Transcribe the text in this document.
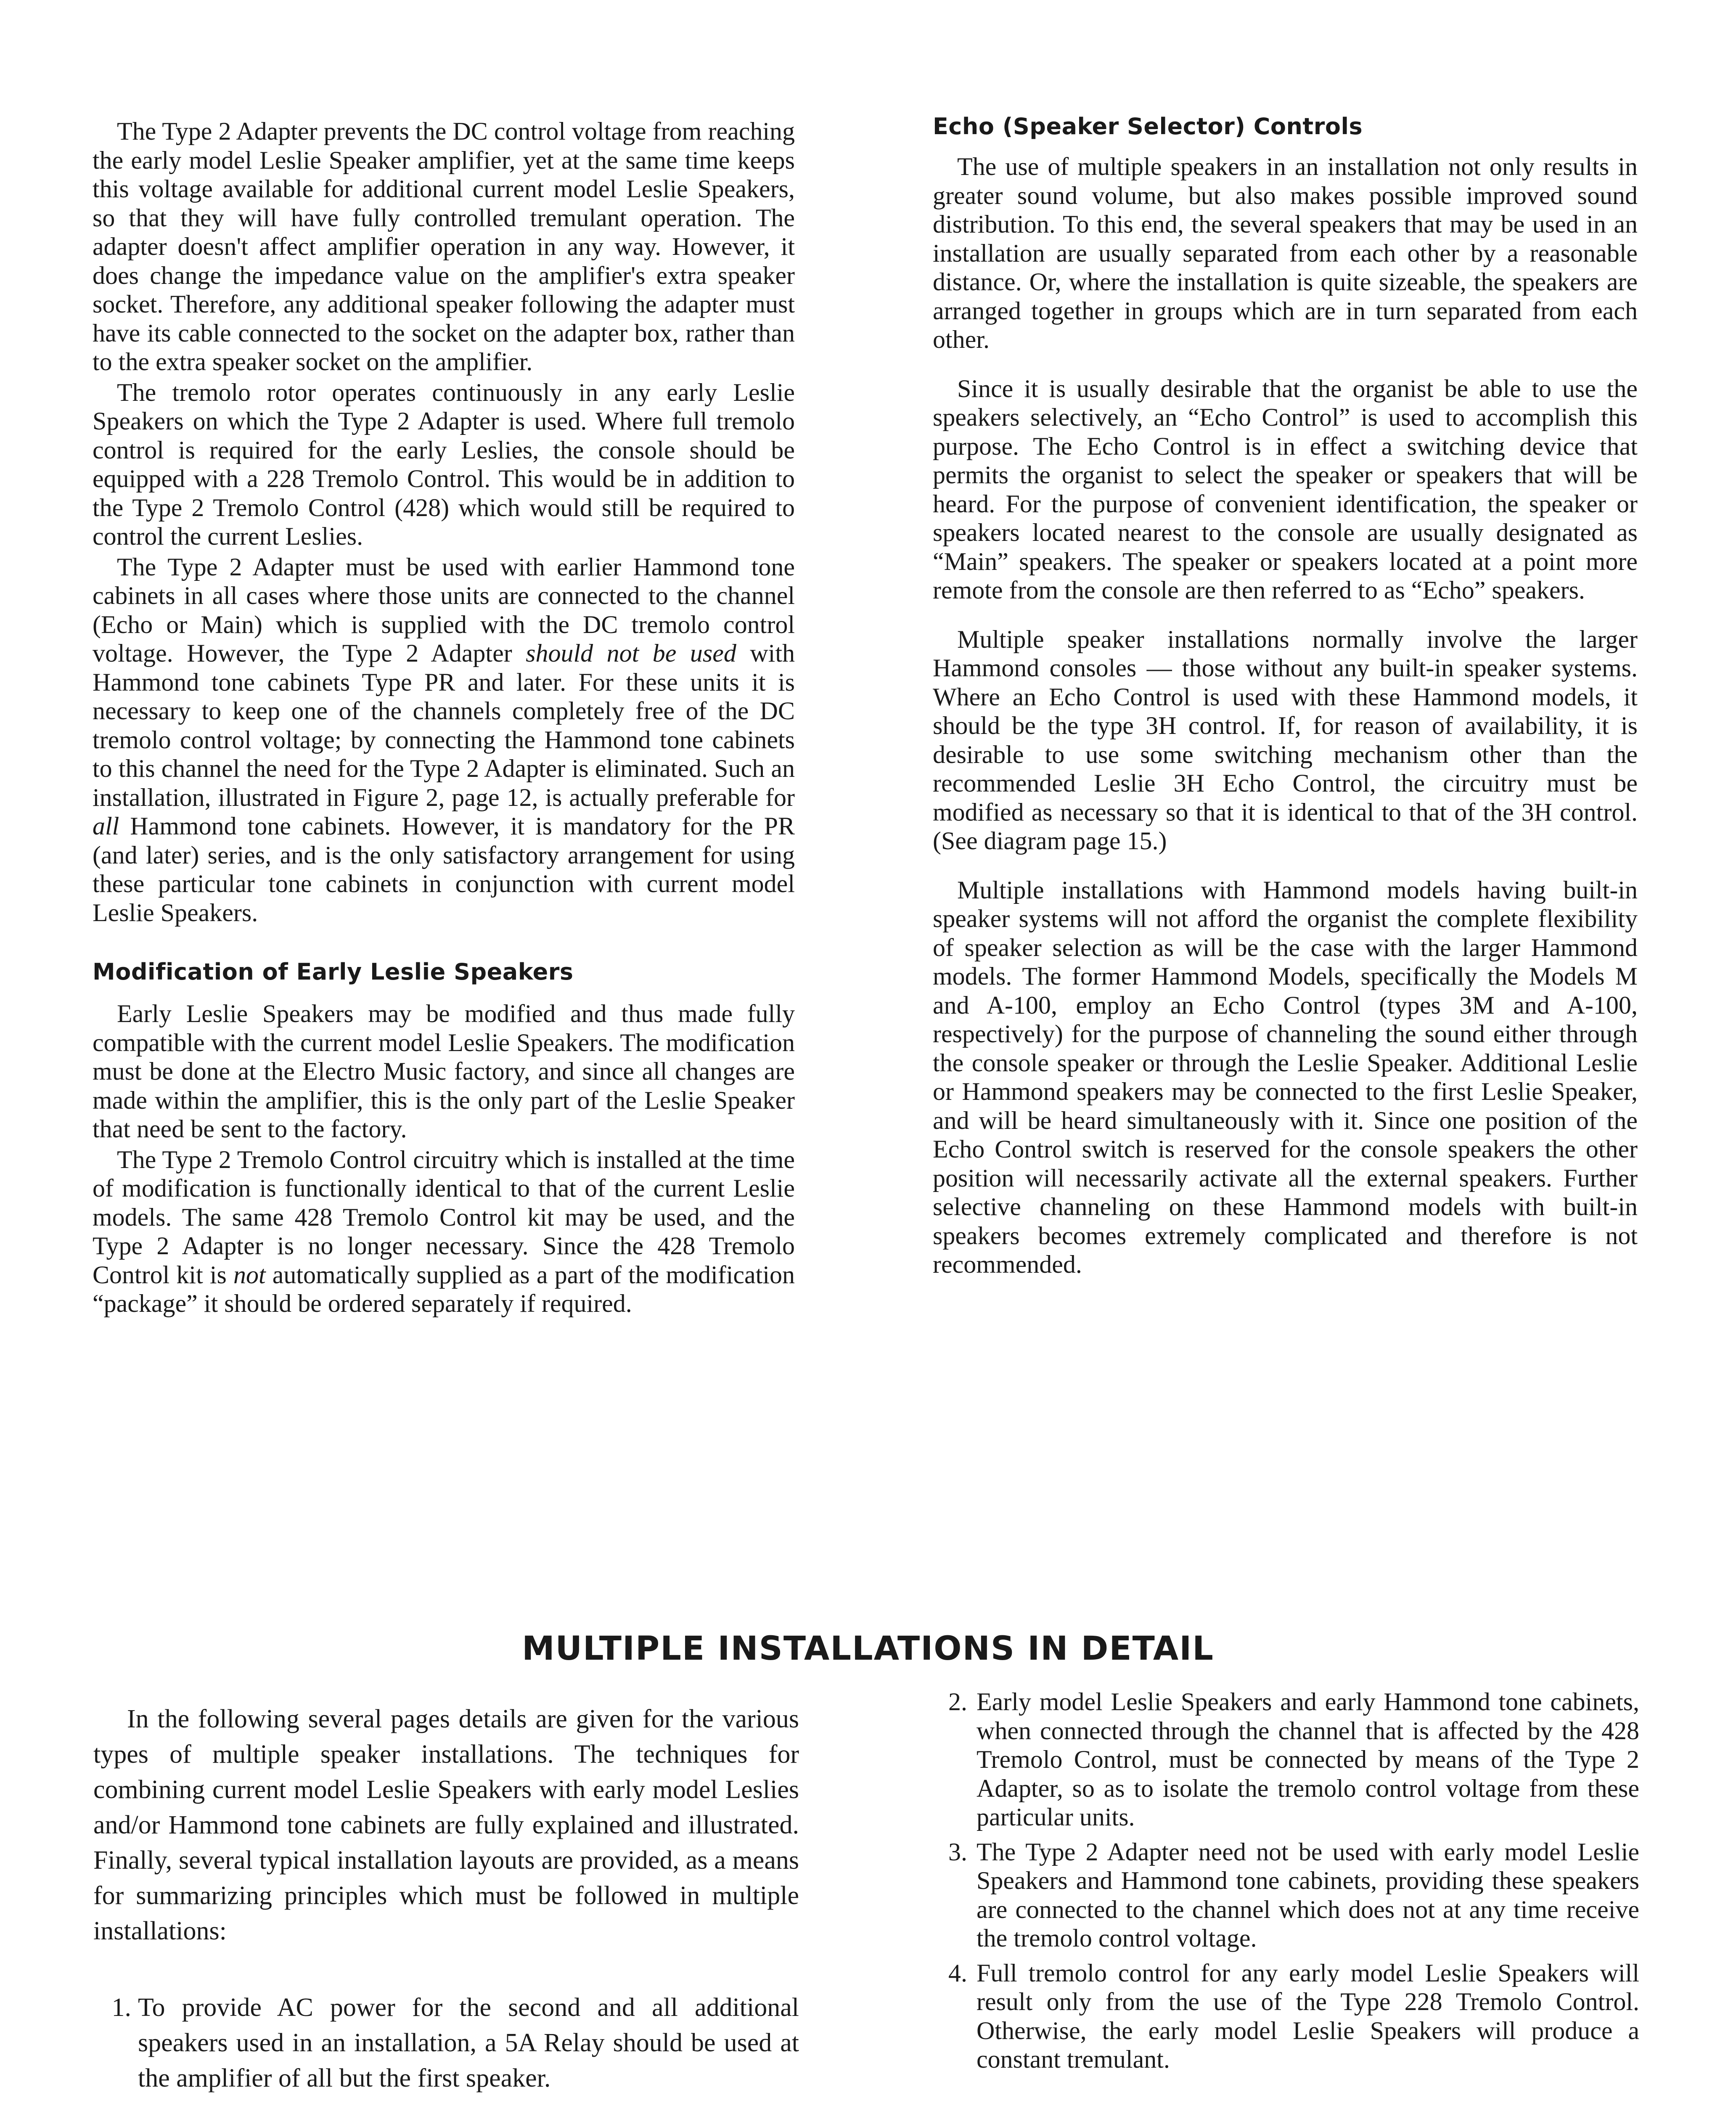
The Type 2 Adapter prevents the DC control voltage from reaching the early model Leslie Speaker amplifier, yet at the same time keeps this voltage available for additional current model Leslie Speakers, so that they will have fully controlled tremulant operation. The adapter doesn't affect amplifier operation in any way. However, it does change the impedance value on the amplifier's extra speaker socket. Therefore, any additional speaker following the adapter must have its cable connected to the socket on the adapter box, rather than to the extra speaker socket on the amplifier.

The tremolo rotor operates continuously in any early Leslie Speakers on which the Type 2 Adapter is used. Where full tremolo control is required for the early Leslies, the console should be equipped with a 228 Tremolo Control. This would be in addition to the Type 2 Tremolo Control (428) which would still be required to control the current Leslies.

The Type 2 Adapter must be used with earlier Hammond tone cabinets in all cases where those units are connected to the channel (Echo or Main) which is supplied with the DC tremolo control voltage. However, the Type 2 Adapter should not be used with Hammond tone cabinets Type PR and later. For these units it is necessary to keep one of the channels completely free of the DC tremolo control voltage; by connecting the Hammond tone cabinets to this channel the need for the Type 2 Adapter is eliminated. Such an installation, illustrated in Figure 2, page 12, is actually preferable for all Hammond tone cabinets. However, it is mandatory for the PR (and later) series, and is the only satisfactory arrangement for using these particular tone cabinets in conjunction with current model Leslie Speakers.

Modification of Early Leslie Speakers

Early Leslie Speakers may be modified and thus made fully compatible with the current model Leslie Speakers. The modification must be done at the Electro Music factory, and since all changes are made within the amplifier, this is the only part of the Leslie Speaker that need be sent to the factory.

The Type 2 Tremolo Control circuitry which is installed at the time of modification is functionally identical to that of the current Leslie models. The same 428 Tremolo Control kit may be used, and the Type 2 Adapter is no longer necessary. Since the 428 Tremolo Control kit is not automatically supplied as a part of the modification “package” it should be ordered separately if required.

Echo (Speaker Selector) Controls

The use of multiple speakers in an installation not only results in greater sound volume, but also makes possible improved sound distribution. To this end, the several speakers that may be used in an installation are usually separated from each other by a reasonable distance. Or, where the installation is quite sizeable, the speakers are arranged together in groups which are in turn separated from each other.

Since it is usually desirable that the organist be able to use the speakers selectively, an “Echo Control” is used to accomplish this purpose. The Echo Control is in effect a switching device that permits the organist to select the speaker or speakers that will be heard. For the purpose of convenient identification, the speaker or speakers located nearest to the console are usually designated as “Main” speakers. The speaker or speakers located at a point more remote from the console are then referred to as “Echo” speakers.

Multiple speaker installations normally involve the larger Hammond consoles — those without any built-in speaker systems. Where an Echo Control is used with these Hammond models, it should be the type 3H control. If, for reason of availability, it is desirable to use some switching mechanism other than the recommended Leslie 3H Echo Control, the circuitry must be modified as necessary so that it is identical to that of the 3H control. (See diagram page 15.)

Multiple installations with Hammond models having built-in speaker systems will not afford the organist the complete flexibility of speaker selection as will be the case with the larger Hammond models. The former Hammond Models, specifically the Models M and A-100, employ an Echo Control (types 3M and A-100, respectively) for the purpose of channeling the sound either through the console speaker or through the Leslie Speaker. Additional Leslie or Hammond speakers may be connected to the first Leslie Speaker, and will be heard simultaneously with it. Since one position of the Echo Control switch is reserved for the console speakers the other position will necessarily activate all the external speakers. Further selective channeling on these Hammond models with built-in speakers becomes extremely complicated and therefore is not recommended.

MULTIPLE INSTALLATIONS IN DETAIL

In the following several pages details are given for the various types of multiple speaker installations. The techniques for combining current model Leslie Speakers with early model Leslies and/or Hammond tone cabinets are fully explained and illustrated. Finally, several typical installation layouts are provided, as a means for summarizing principles which must be followed in multiple installations:

1. To provide AC power for the second and all additional speakers used in an installation, a 5A Relay should be used at the amplifier of all but the first speaker.
2. Early model Leslie Speakers and early Hammond tone cabinets, when connected through the channel that is affected by the 428 Tremolo Control, must be connected by means of the Type 2 Adapter, so as to isolate the tremolo control voltage from these particular units.
3. The Type 2 Adapter need not be used with early model Leslie Speakers and Hammond tone cabinets, providing these speakers are connected to the channel which does not at any time receive the tremolo control voltage.
4. Full tremolo control for any early model Leslie Speakers will result only from the use of the Type 228 Tremolo Control. Otherwise, the early model Leslie Speakers will produce a constant tremulant.
